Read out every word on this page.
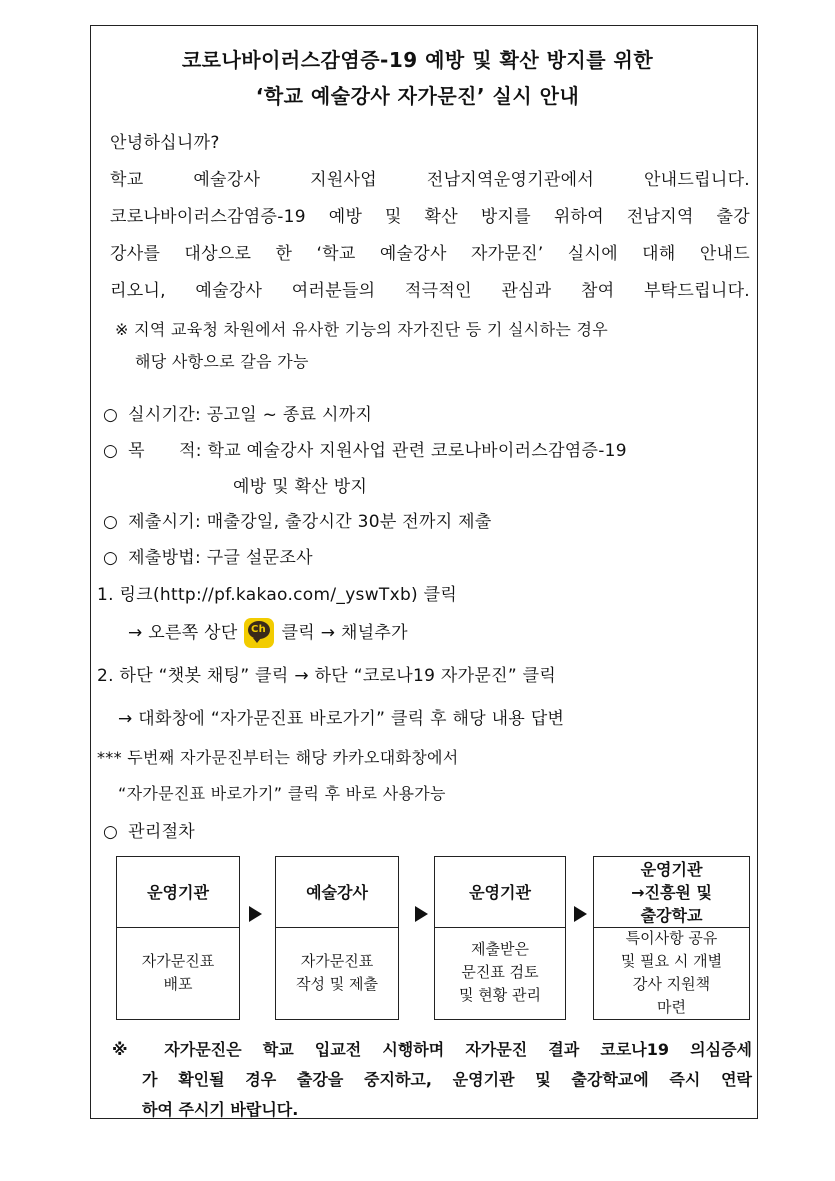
코로나바이러스감염증-19 예방 및 확산 방지를 위한
‘학교 예술강사 자가문진’ 실시 안내
안녕하십니까?
학교 예술강사 지원사업 전남지역운영기관에서 안내드립니다.
코로나바이러스감염증-19 예방 및 확산 방지를 위하여 전남지역 출강
강사를 대상으로 한 ‘학교 예술강사 자가문진’ 실시에 대해 안내드
리오니, 예술강사 여러분들의 적극적인 관심과 참여 부탁드립니다.
※ 지역 교육청 차원에서 유사한 기능의 자가진단 등 기 실시하는 경우
해당 사항으로 갈음 가능
○ 실시기간: 공고일 ~ 종료 시까지
○ 목      적: 학교 예술강사 지원사업 관련 코로나바이러스감염증-19
예방 및 확산 방지
○ 제출시기: 매출강일, 출강시간 30분 전까지 제출
○ 제출방법: 구글 설문조사
1. 링크(http://pf.kakao.com/_yswTxb) 클릭
→ 오른쪽 상단	Ch 클릭 → 채널추가
2. 하단 “챗봇 채팅” 클릭 → 하단 “코로나19 자가문진” 클릭
→ 대화창에 “자가문진표 바로가기” 클릭 후 해당 내용 답변
*** 두번째 자가문진부터는 해당 카카오대화창에서
“자가문진표 바로가기” 클릭 후 바로 사용가능
○ 관리절차
운영기관
자가문진표
배포
예술강사
자가문진표
작성 및 제출
운영기관
제출받은
문진표 검토
및 현황 관리
운영기관
→진흥원 및
출강학교
특이사항 공유
및 필요 시 개별
강사 지원책
마련
※ 자가문진은 학교 입교전 시행하며 자가문진 결과 코로나19 의심증세
가 확인될 경우 출강을 중지하고, 운영기관 및 출강학교에 즉시 연락
하여 주시기 바랍니다.
